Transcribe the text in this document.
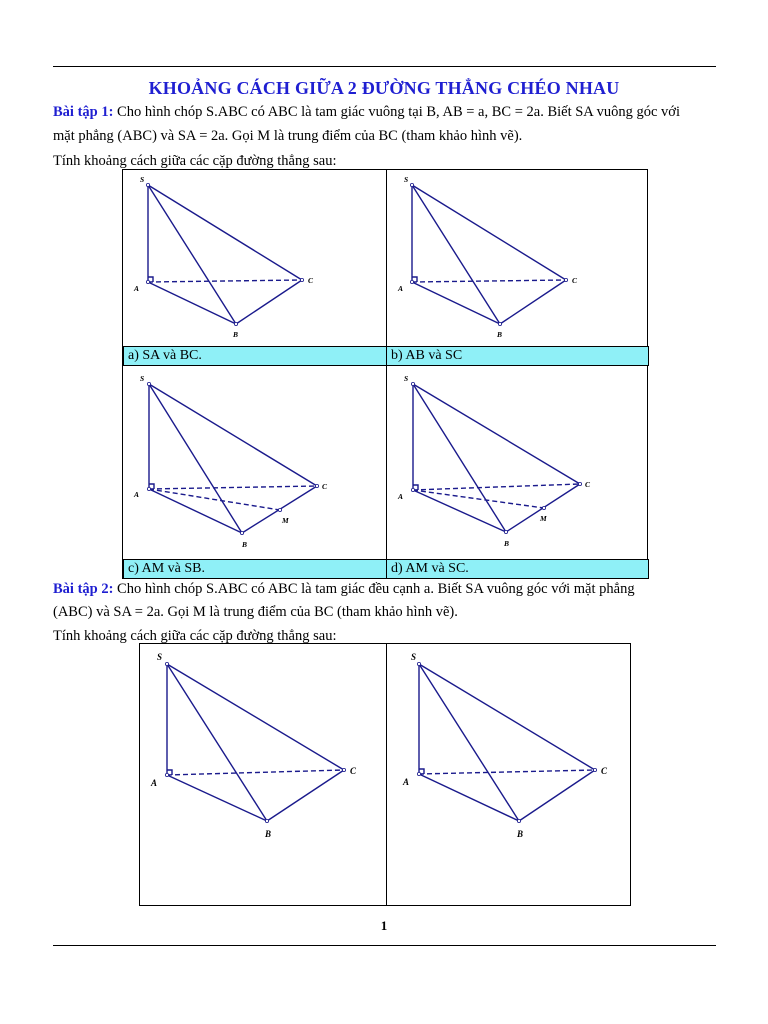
KHOẢNG CÁCH GIỮA 2 ĐƯỜNG THẲNG CHÉO NHAU
Bài tập 1: Cho hình chóp S.ABC có ABC là tam giác vuông tại B, AB = a, BC = 2a. Biết SA vuông góc với
mặt phẳng (ABC) và SA = 2a. Gọi M là trung điểm của BC (tham khảo hình vẽ).
Tính khoảng cách giữa các cặp đường thẳng sau:
S
A
B
C
S
A
B
C
a) SA và BC.	b) AB và SC
S
A
B
C
M
S
A
B
C
M
c) AM và SB.	d) AM và SC.
Bài tập 2: Cho hình chóp S.ABC có ABC là tam giác đều cạnh a. Biết SA vuông góc với mặt phẳng
(ABC) và SA = 2a. Gọi M là trung điểm của BC (tham khảo hình vẽ).
Tính khoảng cách giữa các cặp đường thẳng sau:
S
A
B
C
S
A
B
C
1
